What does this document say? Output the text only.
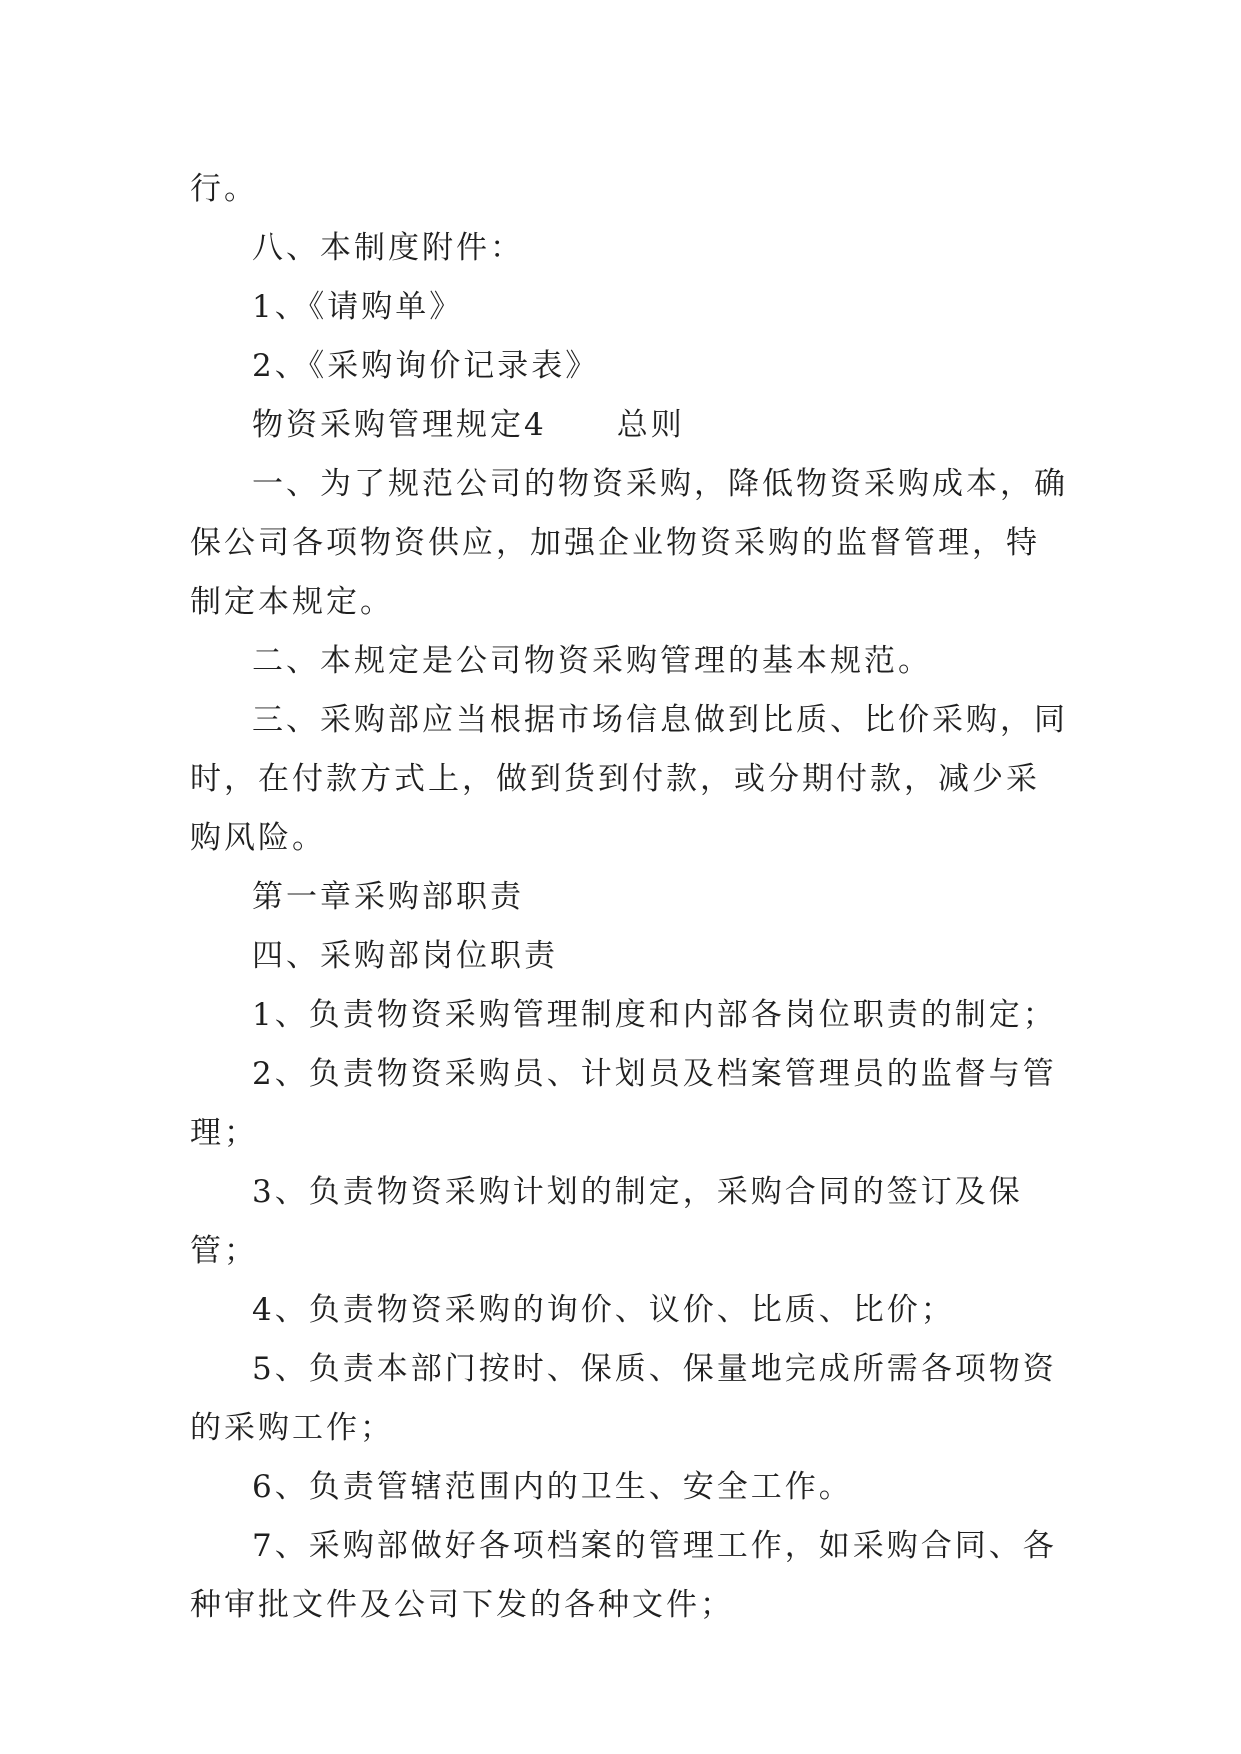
行。

八、本制度附件：

1、《请购单》

2、《采购询价记录表》

物资采购管理规定4 总则

一、为了规范公司的物资采购，降低物资采购成本，确保公司各项物资供应，加强企业物资采购的监督管理，特制定本规定。

二、本规定是公司物资采购管理的基本规范。

三、采购部应当根据市场信息做到比质、比价采购，同时，在付款方式上，做到货到付款，或分期付款，减少采购风险。

第一章采购部职责

四、采购部岗位职责

1、负责物资采购管理制度和内部各岗位职责的制定；

2、负责物资采购员、计划员及档案管理员的监督与管理；

3、负责物资采购计划的制定，采购合同的签订及保管；

4、负责物资采购的询价、议价、比质、比价；

5、负责本部门按时、保质、保量地完成所需各项物资的采购工作；

6、负责管辖范围内的卫生、安全工作。

7、采购部做好各项档案的管理工作，如采购合同、各种审批文件及公司下发的各种文件；
